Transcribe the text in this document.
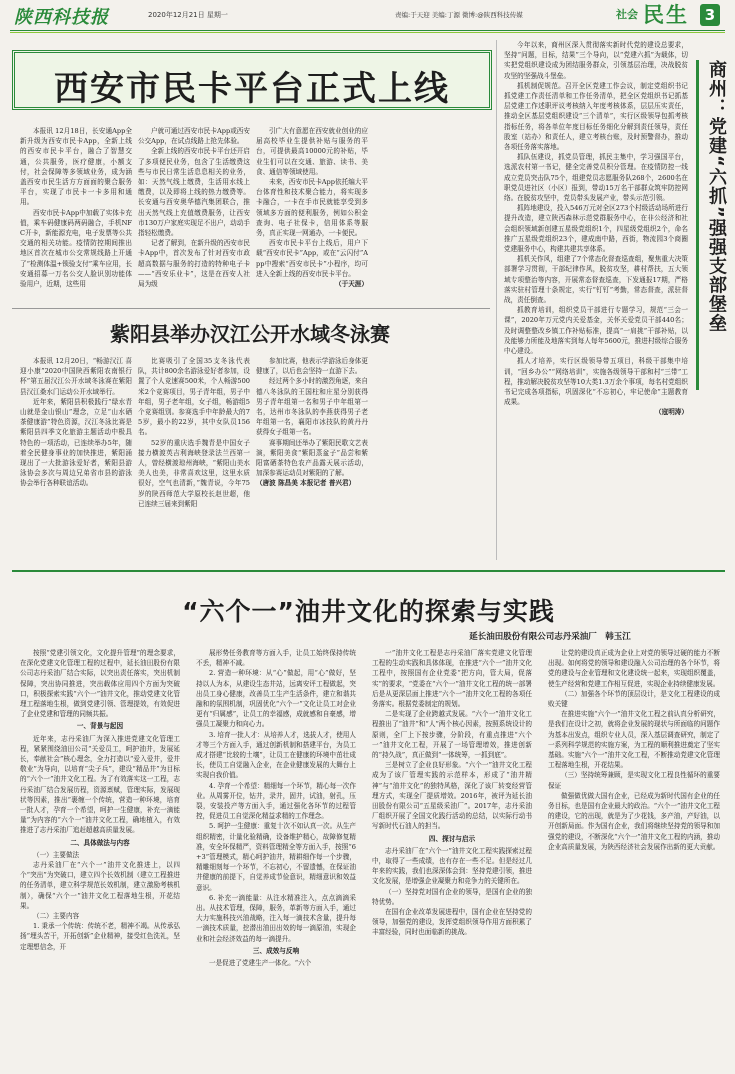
陕西科技报	2020年12月21日 星期一	责编:于天迎 美编:丁源 微博:@陕西科技传媒	社会 民生	3
西安市民卡平台正式上线

本报讯 12月18日，长安通App全新升级为西安市民卡App，全新上线的西安市民卡平台，融合了智慧交通，公共服务，医疗健康，小额支付，社会保障等多领域业务，成为涵盖西安市民生活方方面面的聚合服务平台，实现了市民卡一卡多用和通用。

西安市民卡App中加载了实体卡充值，乘车码健康码两码融合，手机NFC开卡，新能源充电，电子发票等公共交通的相关功能。疫情防控期间推出地区首次在城市公交常规线路上开通了“检测体温+锁验支付”乘车应用，长安通招募一万名公交人脸识别功能体验用户，近期，这些用

户就可通过西安市民卡App或西安公交App，在试点线路上抢先体验。

全新上线的西安市民卡平台还开启了多项便民业务，包含了生活缴费这些与市民日常生活息息相关的业务，如：天然气线上缴费，生活用水线上缴费，以及即将上线的热力缴费等。长安通与西安奥华德汽集团联合，推出天然气线上充值缴费服务，让西安市130万户家庭实现足不出户，动动手指轻松缴费。

记者了解到，在新升级的西安市民卡App中，首次发布了针对西安市政超高数据与服务的打造的特种电子卡——“西安乐业卡”，这是在西安人社局为级

引广大有意愿在西安就业创业的应届高校毕业生提供补贴与服务的平台，可提供最高10000元的补贴，毕业生们可以在交通、旅游、读书、美食、通信等领域使用。

未来，西安市民卡App依托编大平台体育性和技术聚合能力，将实现多卡融合，一卡在手市民就能享受到多领域多方面的便利服务，例如公积金查询、电子社保卡，信用体系等服务，真正实现一网通办，一卡便民。

西安市民卡平台上线后，用户下载“西安市民卡”App，或在“云闪付”App中搜索“西安市民卡”小程序，均可进入全新上线的西安市民卡平台。

（于天涯）

紫阳县举办汉江公开水域冬泳赛

本报讯 12月20日，“畅游汉江 喜迎小康”2020中国陕西紫阳农南银行杯”第五届汉江公开水域冬泳赛在紫阳县汉江桑水门运动公开水域举行。

近年来，紫阳县积极践行“绿水青山就是金山银山”理念，立足“山水硒茶健康游”特色资源，汉江冬泳比赛是紫阳县四季文化旅游主题活动中极具特色的一项活动，已连续举办5年，随着全民健身事业的加快推进，紫阳涌现出了一大批游泳爱好者，紫阳县游泳协会多次与周边兄弟省市县的游泳协会举行各种联谊活动。

比赛吸引了全国35支冬泳代表队，共计800余名游泳爱好者参加，设置了个人竞速赛500米，个人畅游500米2个竞赛项目，男子青年组，男子中年组，男子老年组，女子组，畅游组5个竞赛组别。参赛选手中年龄最大的75岁，最小的22岁，其中女队员156名。

52岁的重庆选手魏青是中国女子接力横渡英吉利海峡登录法兰西第一人，曾经横渡琼州海峡，“紫阳山美水美人也美，非常喜欢这里，这里水质很好，空气也清新，”魏青说，今年75岁的陕西师范大学原校长赵世超，他已连续三届来到紫阳

参加比赛，他表示学游泳后身体更健康了，以后也会坚持一直游下去。

经过两个多小时的激烈角逐，来自德八冬泳队的王国柱和庄星分别获得男子青年组第一名和男子中年组第一名，达州市冬泳队的李燕获得男子老年组第一名，襄阳市冰技队的黄丹丹获得女子组第一名。

赛事期间还举办了紫阳民歌文艺表演，紫阳美食“紫阳蒸盆子”品尝和紫阳富硒茶特色农产品露天展示活动，加深参赛运动员对紫阳的了解。

（唐波 陈昌美 本报记者 普兴君）

今年以来，商州区深入贯彻落实新时代党的建设总要求，坚持“问题，目标，结果”三个导向，以“党建六抓”为载体，切实把党组织建设成为团结服务群众，引领基层治理，决战脱贫攻坚的坚强战斗堡垒。

抓机制促规范。召开全区党建工作会议，制定党组织书记抓党建工作责任清单和工作任务清单，把全区党组织书记抓基层党建工作述职评议考核纳入年度考核体系，层层压实责任，推动全区基层党组织建设“三个清单”，实行区级领导包抓考核指标任务，将各单位年度目标任务细化分解到责任领导，责任股室（站办）和责任人，建立考核台账，及时预警督办，推动各项任务落实落地。

抓队伍建设，抓党员管理，抓民主集中，学习强国平台，选派农村第一书记，健全完善党员积分管理。在疫情防控一线成立党员突击队75个，组建党员志愿服务队268个，2600名在职党员进社区（小区）报到，带动15万名干部群众筑牢防控网络。在脱贫攻坚中，党员带头发展产业，带头示范引领。

抓阵地建设，投入546万元对全区273个村级活动场所进行提升改造，建立陕西森林示范党群服务中心，在非公经济和社会组织领域新创建五星级党组织1个，四星级党组织2个，命名推广五星级党组织23个，建成南中路，西街，物流园3个商圈党建服务中心，构建共建共享体系。

抓机关作风，组建了7个常态化督查巡查组，聚焦重大决策部署学习贯彻，干部纪律作风，脱贫攻坚，耕村帮扶，五大领域专项整治等内容，开展常态督查巡查，下发通报17期，严格落实驻村管理十条规定，实行“钉钉”考勤，常态督查，派驻督战，责任倒查。

抓教育培训，组织党员干部进行专题学习，规范“三会一课”，2020年万元党内关爱基金，关怀关爱党员干部440名；及时调整整改乡镇工作补贴标准，提高“一肩挑”干部补贴，以及能够力所能及地落实到每人每年5600元，推进村级综合服务中心建设。

抓人才培养，实行区级领导带五项目，科级干部集中培训，“回乡办公”“网络培训”，实施各级领导干部和村“三带”工程，推动解决脱贫攻坚等10大类1.3万余个事项，每名村党组织书记完成各项指标，巩固深化“不忘初心，牢记使命”主题教育成果。

（寇明涛）

商州：党建“六抓”强强支部堡垒
“六个一”油井文化的探索与实践
延长油田股份有限公司志丹采油厂　韩玉江

按照“党建引领文化，文化提升管理”的理念要求，在深化党建文化管理工程的过程中，延长油田股份有限公司志丹采油厂结合实际，以突出责任落实，突出机制保障，突出协同推进，突出载体应用四个方面为突破口，积极探索实践“六个一”油井文化，推动党建文化管理工程落地生根，做到党建引领、管理提效，有效促进了企业党建和管理的同频共振。

一、背景与起因

近年来，志丹采油厂为深入推进党建文化管理工程，紧紧围绕油田公司“关爱员工，呵护油井，发展延长，奉献社会”核心理念，全力打造以“爱入爱井，爱井敬业”为导向，以培育“尖子兵”，建设“精品井”为目标的“六个一”油井文化工程。为了有效落实这一工程，志丹采油厂结合发展历程，资源禀赋，管理实际，发展现状等因素，推出“裹缠一个传统，营造一种环境，培育一批人才，孕育一个希望，呵护一生健康，补充一滴能量”为内容的“六个一”油井文化工程，确地植入，有效推进了志丹采油厂追赶超越高质量发展。

二、具体做法与内容

（一）主要做法

志丹采油厂在“六个一”油井文化推进上，以四个“突出”为突破口，建立四个长效机制（建立工程推进的任务清单，建立科学规范长效机制，建立激励考核机制），确保“六个一”油井文化工程落地生根，开花结果。

（二）主要内容

1. 秉承一个传统：传统不老，精神不竭。从传承弘扬“埋头苦干，开拓创新”企业精神，接受红色洗礼，坚定理想信念，开

展形势任务教育等方面入手，让员工始终保持传统不丢，精神不减。

2. 营造一种环境：从“心”做起，用“心”做好，坚持以人为本，从建设生态井站，远离安评工程做起，突出员工身心健康，改善员工生产生活条件，建立和谐共融和的氛围机制，巩固优化“六个一”文化让员工对企业更有“归属感”，让员工的幸福感，成就感和自豪感，增强员工凝聚力和向心力。

3. 培育一批人才：从培养人才，选拔人才，使用人才等三个方面入手，通过创新机制和搭建平台，为员工成才搭建“比较的土壤”，让员工在健康的环境中茁壮成长，使员工自觉融入企业，在企业健康发展的大舞台上实现自我价值。

4. 孕育一个希望：精细每一个环节，精心每一次作业。从周雾开位，钻井，录井，固井，试油，射孔，压裂，安装投产等方面入手，通过强化各环节的过程管控，促进员工自觉深化精益求精的工作理念。

5. 呵护一生健康：重复十次不如认真一次。从生产组织精密，计量化验精确，设备维护精心，故障修复精准，安全环保精严，资料管理精全等方面入手，按照“6+3”管理模式，精心呵护油井，精耕细作每一个步骤，精雕细刻每一个环节，不忘初心，不留遗憾，在保证油井健康的前提下，自觉养成节俭意识，精细意识和效益意识。

6. 补充一滴能量：从注水精准注入，点点滴滴采出。从技术管理，保障，服务，革新等方面入手，通过大力实施科技兴油战略，注入每一滴技术含量，提升每一滴技术质量，挖潜出油田出效的每一滴原油，实现企业和社会经济效益的每一滴提升。

三、成效与反响

一是促进了党建生产一体化。“六个

一”油井文化工程是志丹采油厂落实党建文化管理工程的生动实践和具体体现，在推进“六个一”油井文化工程中，按照国有企业党委“把方向，管大局，促落实”的要求，“党委在“六个一”油井文化工程的统一部署后是从更深层面上推进“六个一”油井文化工程的各项任务落实。根据党委制定的规划。

二是实现了企业跨越式发展。“六个一”油井文化工程推出了“油井”和“人”两个核心因素，按照系统设计的原则，全厂上下按步骤，分阶段，有重点推进“六个一”油井文化工程，开展了一场管理增效，推进创新的“持久战”，真正做到“一体统筹，一抓到底”。

三是树立了企业良好形象。“六个一”油井文化工程成为了该厂管理实践的示范样本，形成了“油井精神”与“油井文化”的独特风格，深化了该厂转变经营管理方式，实现全厂提质增效。2016年，被评为延长油田股份有限公司“五星级采油厂”。2017年，志丹采油厂组织开展了全国文化践行活动的总结，以实际行动书写新时代石油人的担当。

四、探讨与启示

志丹采油厂在“六个一”油井文化工程实践探索过程中，取得了一些成绩，也有存在一些不足。但是经过几年来的实践，我们也深深体会到：坚持党建引领，推进文化发展，是增强企业凝聚力和竞争力的关键所在。

（一）坚持党对国有企业的领导，是国有企业的独特优势。

在国有企业改革发展进程中，国有企业在坚持党的领导，加强党的建设，发挥党组织领导作用方面积累了丰富经验，同时也面临新的挑战。

让党的建设真正成为企业上对党的领导过硬的能力不断出现。如何将党的领导和建设融入公司治理的各个环节，将党的建设与企业管理和文化建设统一起来，实现组织覆盖，使生产经营和党建工作相互促进，实现企业持续健康发展。

（二）加强各个环节的顶层设计，是文化工程建设的成败关键

在推进实施“六个一”油井文化工程之前认真分析研究，是我们在设计之初，就将企业发展的现状与所面临的问题作为基本出发点，组织专业人员，深入基层调查研究，制定了一系列科学规范的实施方案，为工程的顺利推进奠定了坚实基础。实施“六个一”油井文化工程，不断推动党建文化管理工程落地生根，开花结果。

（三）坚持统筹兼顾，是实现文化工程良性循环的重要保证

做强做优做大国有企业，已经成为新时代国有企业的任务目标，也是国有企业最大的政治。“六个一”油井文化工程的建设，它的出现，就是为了少花钱，多产油，产好油，以开创新局面。作为国有企业，我们将继续坚持党的领导和加强党的建设，不断深化“六个一”油井文化工程的内涵，推动企业高质量发展，为陕西经济社会发展作出新的更大贡献。
